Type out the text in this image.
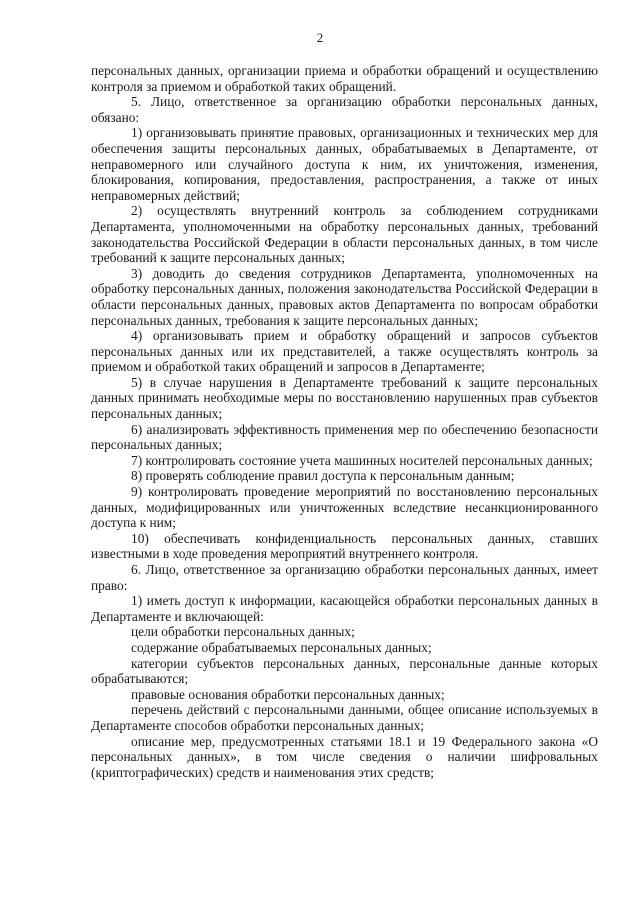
2

персональных данных, организации приема и обработки обращений и осуществлению контроля за приемом и обработкой таких обращений.

5. Лицо, ответственное за организацию обработки персональных данных, обязано:

1) организовывать принятие правовых, организационных и технических мер для обеспечения защиты персональных данных, обрабатываемых в Департаменте, от неправомерного или случайного доступа к ним, их уничтожения, изменения, блокирования, копирования, предоставления, распространения, а также от иных неправомерных действий;

2) осуществлять внутренний контроль за соблюдением сотрудниками Департамента, уполномоченными на обработку персональных данных, требований законодательства Российской Федерации в области персональных данных, в том числе требований к защите персональных данных;

3) доводить до сведения сотрудников Департамента, уполномоченных на обработку персональных данных, положения законодательства Российской Федерации в области персональных данных, правовых актов Департамента по вопросам обработки персональных данных, требования к защите персональных данных;

4) организовывать прием и обработку обращений и запросов субъектов персональных данных или их представителей, а также осуществлять контроль за приемом и обработкой таких обращений и запросов в Департаменте;

5) в случае нарушения в Департаменте требований к защите персональных данных принимать необходимые меры по восстановлению нарушенных прав субъектов персональных данных;

6) анализировать эффективность применения мер по обеспечению безопасности персональных данных;

7) контролировать состояние учета машинных носителей персональных данных;

8) проверять соблюдение правил доступа к персональным данным;

9) контролировать проведение мероприятий по восстановлению персональных данных, модифицированных или уничтоженных вследствие несанкционированного доступа к ним;

10) обеспечивать конфиденциальность персональных данных, ставших известными в ходе проведения мероприятий внутреннего контроля.

6. Лицо, ответственное за организацию обработки персональных данных, имеет право:

1) иметь доступ к информации, касающейся обработки персональных данных в Департаменте и включающей:

цели обработки персональных данных;

содержание обрабатываемых персональных данных;

категории субъектов персональных данных, персональные данные которых обрабатываются;

правовые основания обработки персональных данных;

перечень действий с персональными данными, общее описание используемых в Департаменте способов обработки персональных данных;

описание мер, предусмотренных статьями 18.1 и 19 Федерального закона «О персональных данных», в том числе сведения о наличии шифровальных (криптографических) средств и наименования этих средств;
